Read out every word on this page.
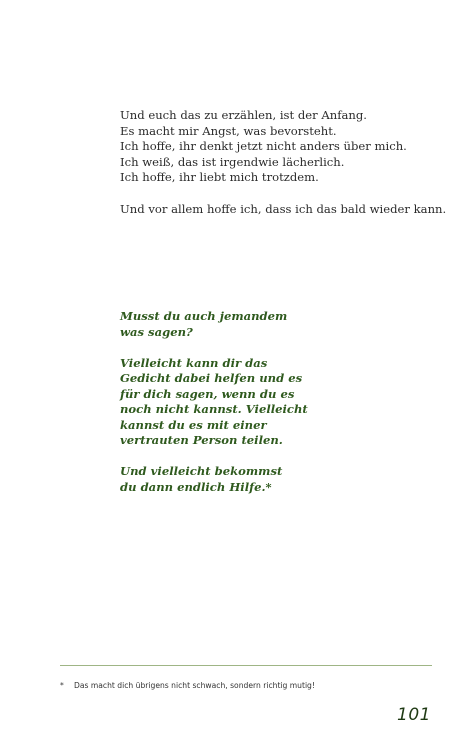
Und euch das zu erzählen, ist der Anfang.
Es macht mir Angst, was bevorsteht.
Ich hoffe, ihr denkt jetzt nicht anders über mich.
Ich weiß, das ist irgendwie lächerlich.
Ich hoffe, ihr liebt mich trotzdem.
Und vor allem hoffe ich, dass ich das bald wieder kann.
Musst du auch jemandem
was sagen?
Vielleicht kann dir das
Gedicht dabei helfen und es
für dich sagen, wenn du es
noch nicht kannst. Vielleicht
kannst du es mit einer
vertrauten Person teilen.
Und vielleicht bekommst
du dann endlich Hilfe.*
* Das macht dich übrigens nicht schwach, sondern richtig mutig!
101
